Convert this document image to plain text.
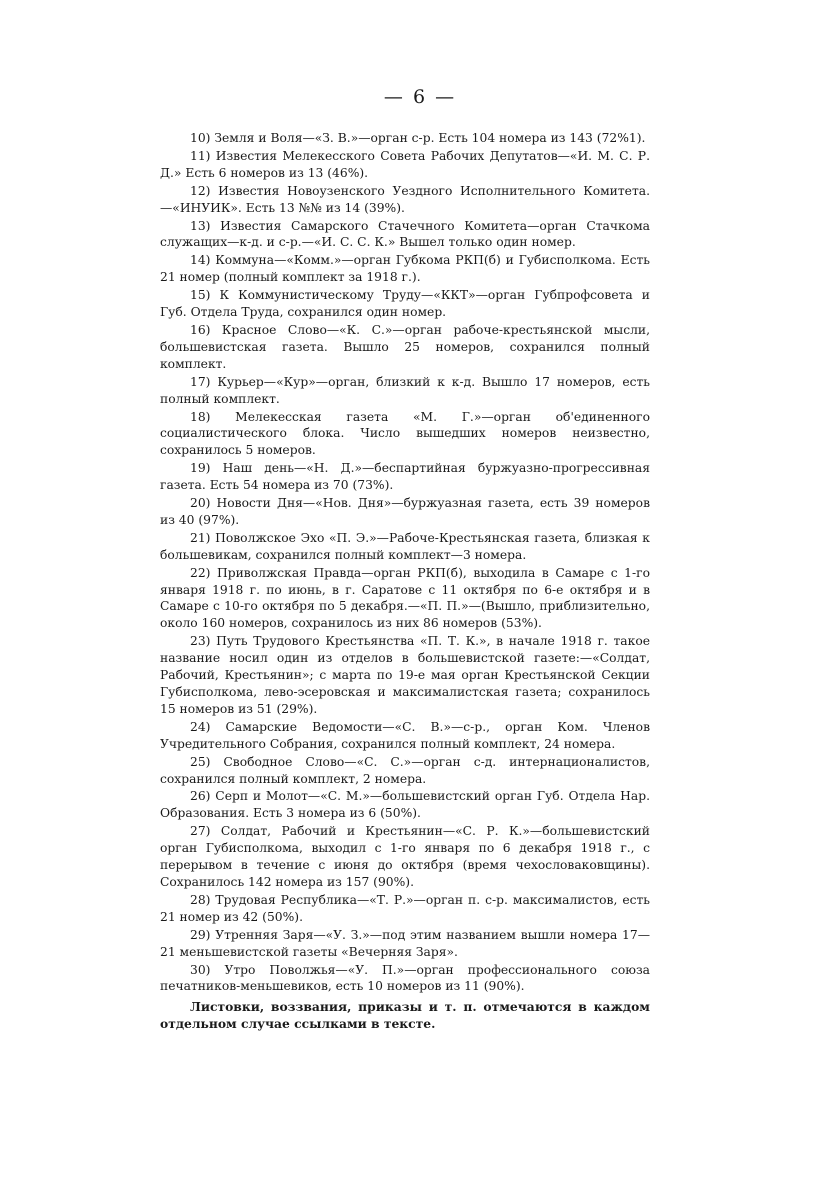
— 6 —

10) Земля и Воля—«З. В.»—орган с-р. Есть 104 номера из 143 (72%1).

11) Известия Мелекесского Совета Рабочих Депутатов—«И. М. С. Р. Д.» Есть 6 номеров из 13 (46%).

12) Известия Новоузенского Уездного Исполнительного Комитета.—«ИНУИК». Есть 13 №№ из 14 (39%).

13) Известия Самарского Стачечного Комитета—орган Стачкома служащих—к-д. и с-р.—«И. С. С. К.» Вышел только один номер.

14) Коммуна—«Комм.»—орган Губкома РКП(б) и Губисполкома. Есть 21 номер (полный комплект за 1918 г.).

15) К Коммунистическому Труду—«ККТ»—орган Губпрофсовета и Губ. Отдела Труда, сохранился один номер.

16) Красное Слово—«К. С.»—орган рабоче-крестьянской мысли, большевистская газета. Вышло 25 номеров, сохранился полный комплект.

17) Курьер—«Кур»—орган, близкий к к-д. Вышло 17 номеров, есть полный комплект.

18) Мелекесская газета «М. Г.»—орган об'единенного социалистического блока. Число вышедших номеров неизвестно, сохранилось 5 номеров.

19) Наш день—«Н. Д.»—беспартийная буржуазно-прогрессивная газета. Есть 54 номера из 70 (73%).

20) Новости Дня—«Нов. Дня»—буржуазная газета, есть 39 номеров из 40 (97%).

21) Поволжское Эхо «П. Э.»—Рабоче-Крестьянская газета, близкая к большевикам, сохранился полный комплект—3 номера.

22) Приволжская Правда—орган РКП(б), выходила в Самаре с 1-го января 1918 г. по июнь, в г. Саратове с 11 октября по 6-е октября и в Самаре с 10-го октября по 5 декабря.—«П. П.»—(Вышло, приблизительно, около 160 номеров, сохранилось из них 86 номеров (53%).

23) Путь Трудового Крестьянства «П. Т. К.», в начале 1918 г. такое название носил один из отделов в большевистской газете:—«Солдат, Рабочий, Крестьянин»; с марта по 19-е мая орган Крестьянской Секции Губисполкома, лево-эсеровская и максималистская газета; сохранилось 15 номеров из 51 (29%).

24) Самарские Ведомости—«С. В.»—с-р., орган Ком. Членов Учредительного Собрания, сохранился полный комплект, 24 номера.

25) Свободное Слово—«С. С.»—орган с-д. интернационалистов, сохранился полный комплект, 2 номера.

26) Серп и Молот—«С. М.»—большевистский орган Губ. Отдела Нар. Образования. Есть 3 номера из 6 (50%).

27) Солдат, Рабочий и Крестьянин—«С. Р. К.»—большевистский орган Губисполкома, выходил с 1-го января по 6 декабря 1918 г., с перерывом в течение с июня до октября (время чехословаковщины). Сохранилось 142 номера из 157 (90%).

28) Трудовая Республика—«Т. Р.»—орган п. с-р. максималистов, есть 21 номер из 42 (50%).

29) Утренняя Заря—«У. З.»—под этим названием вышли номера 17—21 меньшевистской газеты «Вечерняя Заря».

30) Утро Поволжья—«У. П.»—орган профессионального союза печатников-меньшевиков, есть 10 номеров из 11 (90%).

Листовки, воззвания, приказы и т. п. отмечаются в каждом отдельном случае ссылками в тексте.
